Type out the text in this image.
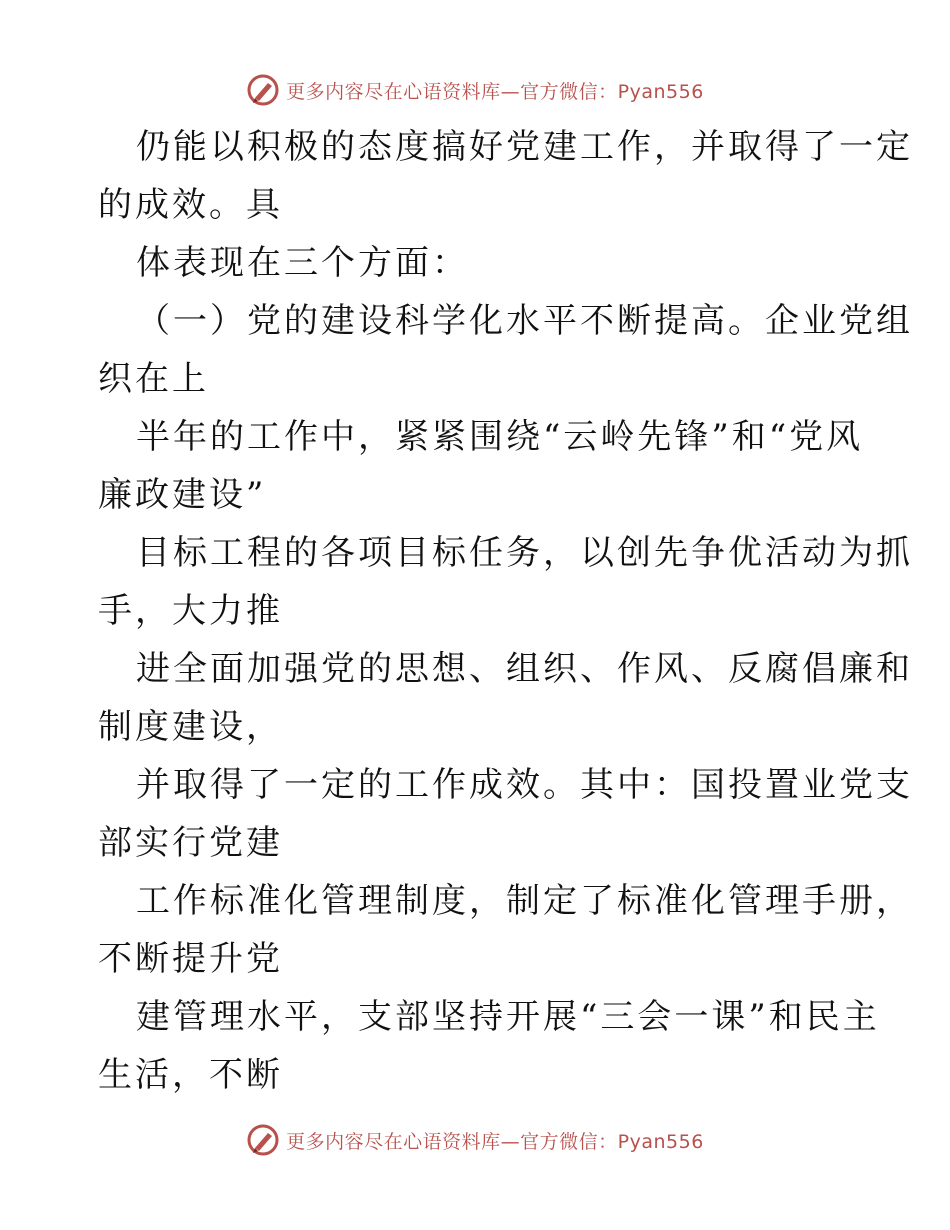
更多内容尽在心语资料库—官方微信：Pyan556

仍能以积极的态度搞好党建工作，并取得了一定
的成效。具

体表现在三个方面：

（一）党的建设科学化水平不断提高。企业党组
织在上

半年的工作中，紧紧围绕“云岭先锋”和“党风
廉政建设”

目标工程的各项目标任务，以创先争优活动为抓
手，大力推

进全面加强党的思想、组织、作风、反腐倡廉和
制度建设，

并取得了一定的工作成效。其中：国投置业党支
部实行党建

工作标准化管理制度，制定了标准化管理手册，
不断提升党

建管理水平，支部坚持开展“三会一课”和民主
生活，不断

更多内容尽在心语资料库—官方微信：Pyan556
